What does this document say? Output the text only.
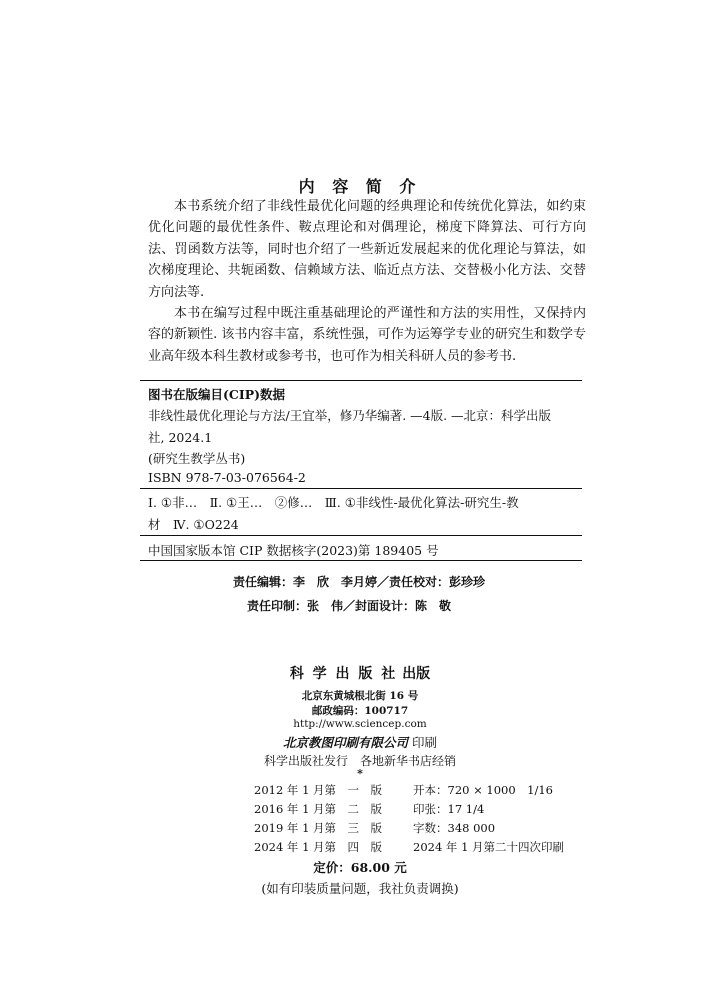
内 容 简 介
本书系统介绍了非线性最优化问题的经典理论和传统优化算法，如约束优化问题的最优性条件、鞍点理论和对偶理论，梯度下降算法、可行方向法、罚函数方法等，同时也介绍了一些新近发展起来的优化理论与算法，如次梯度理论、共轭函数、信赖域方法、临近点方法、交替极小化方法、交替方向法等.
本书在编写过程中既注重基础理论的严谨性和方法的实用性，又保持内容的新颖性. 该书内容丰富，系统性强，可作为运筹学专业的研究生和数学专业高年级本科生教材或参考书，也可作为相关科研人员的参考书.
图书在版编目(CIP)数据
非线性最优化理论与方法/王宜举，修乃华编著. —4版. —北京：科学出版
社, 2024.1
(研究生教学丛书)
ISBN 978-7-03-076564-2
Ⅰ. ①非…　Ⅱ. ①王…　②修…　Ⅲ. ①非线性-最优化算法-研究生-教
材　Ⅳ. ①O224
中国国家版本馆 CIP 数据核字(2023)第 189405 号
责任编辑：李　欣　李月婷／责任校对：彭珍珍
责任印制：张　伟／封面设计：陈　敬
科 学 出 版 社 出版
北京东黄城根北街 16 号
邮政编码：100717
http://www.sciencep.com
北京教图印刷有限公司 印刷
科学出版社发行　各地新华书店经销
*
2012 年 1 月第　一　版	开本：720 × 1000　1/16
2016 年 1 月第　二　版	印张：17 1/4
2019 年 1 月第　三　版	字数：348 000
2024 年 1 月第　四　版	2024 年 1 月第二十四次印刷
定价：68.00 元
(如有印装质量问题，我社负责调换)
